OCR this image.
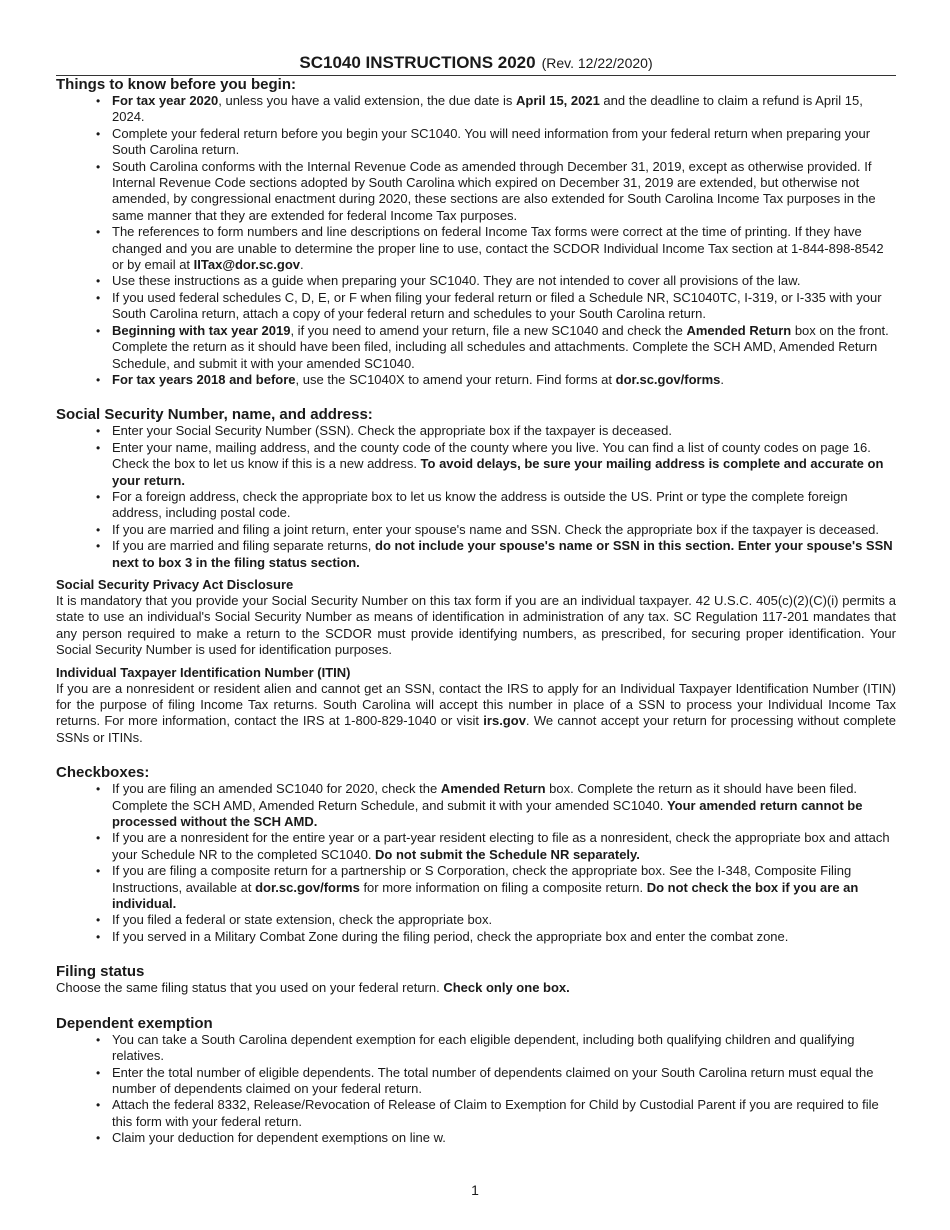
SC1040 INSTRUCTIONS 2020 (Rev. 12/22/2020)
Things to know before you begin:
• For tax year 2020, unless you have a valid extension, the due date is April 15, 2021 and the deadline to claim a refund is April 15, 2024.
• Complete your federal return before you begin your SC1040. You will need information from your federal return when preparing your South Carolina return.
• South Carolina conforms with the Internal Revenue Code as amended through December 31, 2019, except as otherwise provided. If Internal Revenue Code sections adopted by South Carolina which expired on December 31, 2019 are extended, but otherwise not amended, by congressional enactment during 2020, these sections are also extended for South Carolina Income Tax purposes in the same manner that they are extended for federal Income Tax purposes.
• The references to form numbers and line descriptions on federal Income Tax forms were correct at the time of printing. If they have changed and you are unable to determine the proper line to use, contact the SCDOR Individual Income Tax section at 1-844-898-8542 or by email at IITax@dor.sc.gov.
• Use these instructions as a guide when preparing your SC1040. They are not intended to cover all provisions of the law.
• If you used federal schedules C, D, E, or F when filing your federal return or filed a Schedule NR, SC1040TC, I-319, or I-335 with your South Carolina return, attach a copy of your federal return and schedules to your South Carolina return.
• Beginning with tax year 2019, if you need to amend your return, file a new SC1040 and check the Amended Return box on the front. Complete the return as it should have been filed, including all schedules and attachments. Complete the SCH AMD, Amended Return Schedule, and submit it with your amended SC1040.
• For tax years 2018 and before, use the SC1040X to amend your return. Find forms at dor.sc.gov/forms.
Social Security Number, name, and address:
• Enter your Social Security Number (SSN). Check the appropriate box if the taxpayer is deceased.
• Enter your name, mailing address, and the county code of the county where you live. You can find a list of county codes on page 16. Check the box to let us know if this is a new address. To avoid delays, be sure your mailing address is complete and accurate on your return.
• For a foreign address, check the appropriate box to let us know the address is outside the US. Print or type the complete foreign address, including postal code.
• If you are married and filing a joint return, enter your spouse's name and SSN. Check the appropriate box if the taxpayer is deceased.
• If you are married and filing separate returns, do not include your spouse's name or SSN in this section. Enter your spouse's SSN next to box 3 in the filing status section.
Social Security Privacy Act Disclosure

It is mandatory that you provide your Social Security Number on this tax form if you are an individual taxpayer. 42 U.S.C. 405(c)(2)(C)(i) permits a state to use an individual's Social Security Number as means of identification in administration of any tax. SC Regulation 117-201 mandates that any person required to make a return to the SCDOR must provide identifying numbers, as prescribed, for securing proper identification. Your Social Security Number is used for identification purposes.

Individual Taxpayer Identification Number (ITIN)

If you are a nonresident or resident alien and cannot get an SSN, contact the IRS to apply for an Individual Taxpayer Identification Number (ITIN) for the purpose of filing Income Tax returns. South Carolina will accept this number in place of a SSN to process your Individual Income Tax returns. For more information, contact the IRS at 1-800-829-1040 or visit irs.gov. We cannot accept your return for processing without complete SSNs or ITINs.

Checkboxes:
• If you are filing an amended SC1040 for 2020, check the Amended Return box. Complete the return as it should have been filed. Complete the SCH AMD, Amended Return Schedule, and submit it with your amended SC1040. Your amended return cannot be processed without the SCH AMD.
• If you are a nonresident for the entire year or a part-year resident electing to file as a nonresident, check the appropriate box and attach your Schedule NR to the completed SC1040. Do not submit the Schedule NR separately.
• If you are filing a composite return for a partnership or S Corporation, check the appropriate box. See the I-348, Composite Filing Instructions, available at dor.sc.gov/forms for more information on filing a composite return. Do not check the box if you are an individual.
• If you filed a federal or state extension, check the appropriate box.
• If you served in a Military Combat Zone during the filing period, check the appropriate box and enter the combat zone.
Filing status

Choose the same filing status that you used on your federal return. Check only one box.

Dependent exemption
• You can take a South Carolina dependent exemption for each eligible dependent, including both qualifying children and qualifying relatives.
• Enter the total number of eligible dependents. The total number of dependents claimed on your South Carolina return must equal the number of dependents claimed on your federal return.
• Attach the federal 8332, Release/Revocation of Release of Claim to Exemption for Child by Custodial Parent if you are required to file this form with your federal return.
• Claim your deduction for dependent exemptions on line w.
1
